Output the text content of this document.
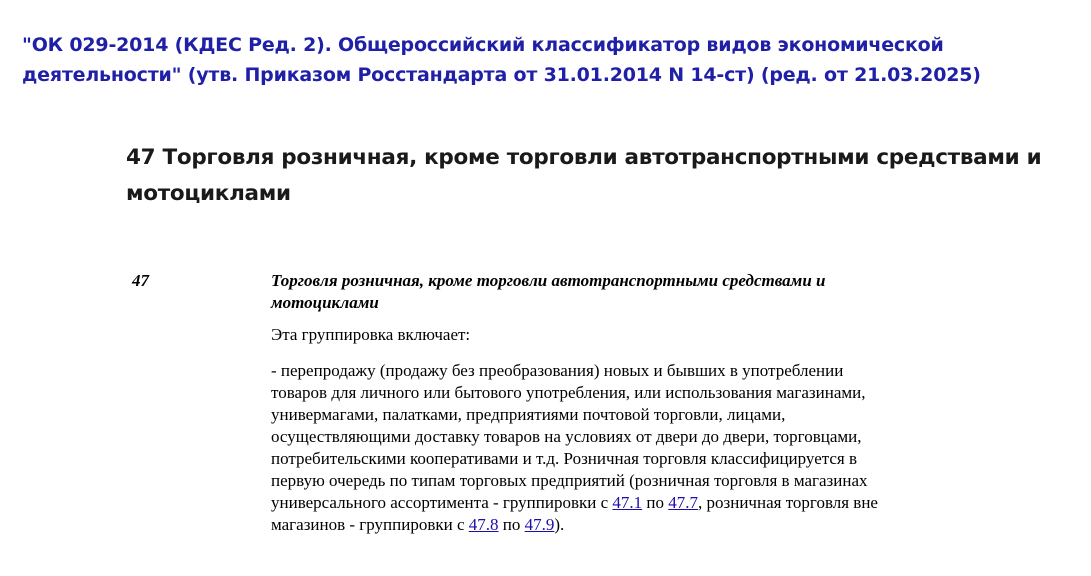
"ОК 029-2014 (КДЕС Ред. 2). Общероссийский классификатор видов экономической деятельности" (утв. Приказом Росстандарта от 31.01.2014 N 14-ст) (ред. от 21.03.2025)
47 Торговля розничная, кроме торговли автотранспортными средствами и мотоциклами
47	Торговля розничная, кроме торговли автотранспортными средствами и мотоциклами

Эта группировка включает:

- перепродажу (продажу без преобразования) новых и бывших в употреблении товаров для личного или бытового употребления, или использования магазинами, универмагами, палатками, предприятиями почтовой торговли, лицами, осуществляющими доставку товаров на условиях от двери до двери, торговцами, потребительскими кооперативами и т.д. Розничная торговля классифицируется в первую очередь по типам торговых предприятий (розничная торговля в магазинах универсального ассортимента - группировки с 47.1 по 47.7, розничная торговля вне магазинов - группировки с 47.8 по 47.9).
